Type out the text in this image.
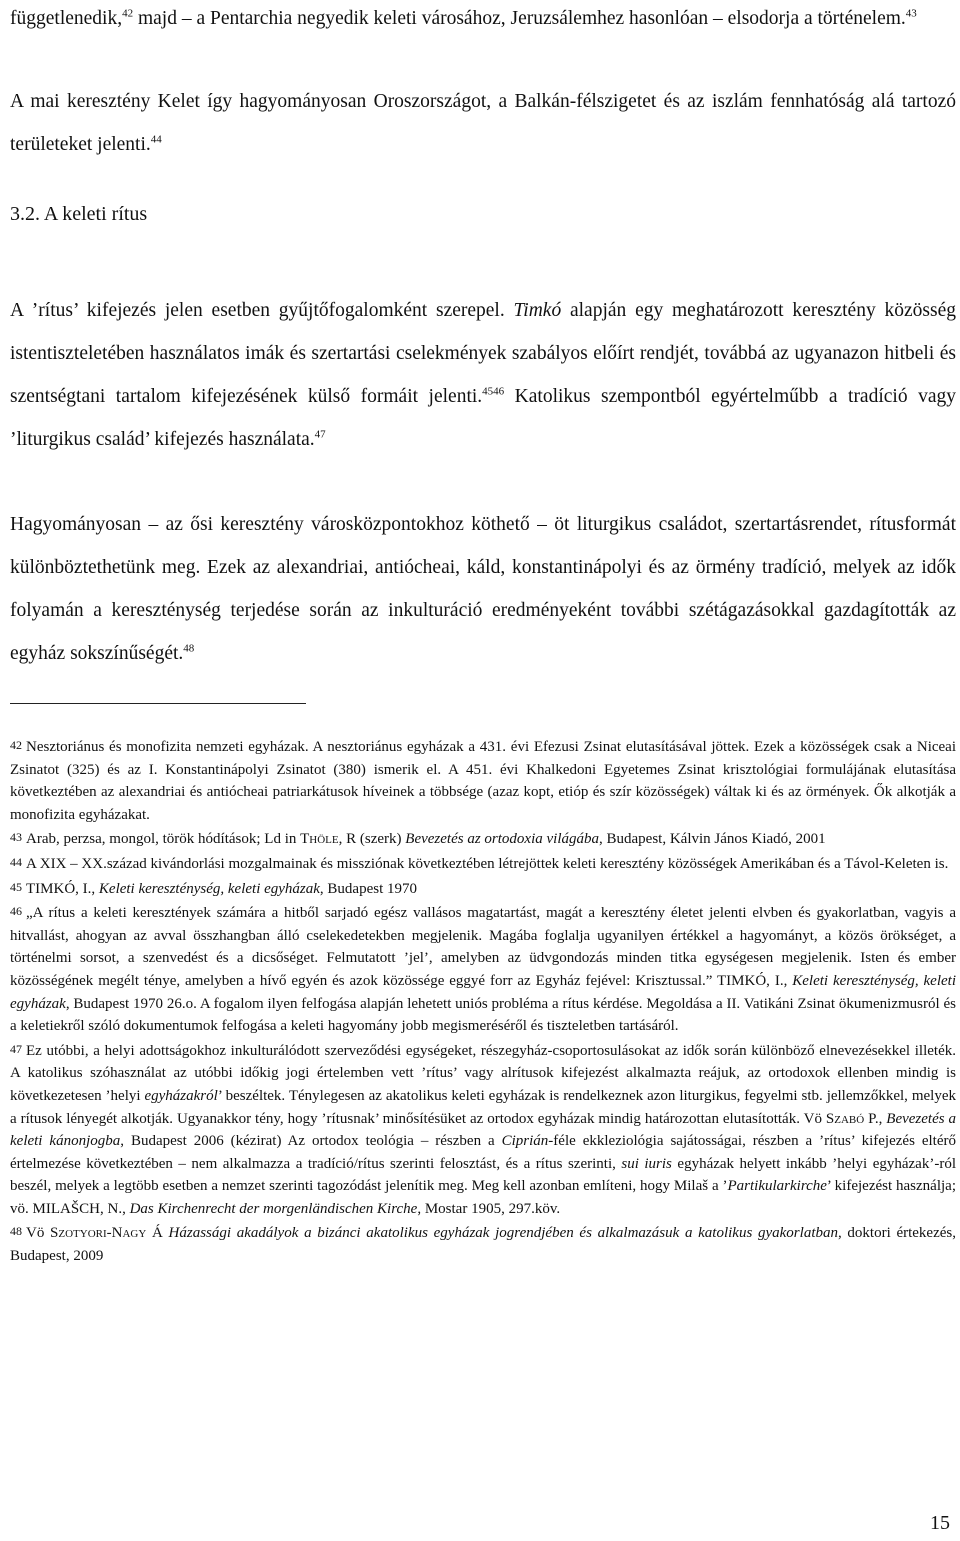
függetlenedik,$^{42}$ majd – a Pentarchia negyedik keleti városához, Jeruzsálemhez hasonlóan – elsodorja a történelem.$^{43}$

A mai keresztény Kelet így hagyományosan Oroszországot, a Balkán-félszigetet és az iszlám fennhatóság alá tartozó területeket jelenti.$^{44}$

3.2. A keleti rítus

A ’rítus’ kifejezés jelen esetben gyűjtőfogalomként szerepel. Timkó alapján egy meghatározott keresztény közösség istentiszteletében használatos imák és szertartási cselekmények szabályos előírt rendjét, továbbá az ugyanazon hitbeli és szentségtani tartalom kifejezésének külső formáit jelenti.$^{4546}$ Katolikus szempontból egyértelműbb a tradíció vagy ’liturgikus család’ kifejezés használata.$^{47}$

Hagyományosan – az ősi keresztény városközpontokhoz köthető – öt liturgikus családot, szertartásrendet, rítusformát különböztethetünk meg. Ezek az alexandriai, antiócheai, káld, konstantinápolyi és az örmény tradíció, melyek az idők folyamán a kereszténység terjedése során az inkulturáció eredményeként további szétágazásokkal gazdagították az egyház sokszínűségét.$^{48}$

42 Nesztoriánus és monofizita nemzeti egyházak. A nesztoriánus egyházak a 431. évi Efezusi Zsinat elutasításával jöttek. Ezek a közösségek csak a Niceai Zsinatot (325) és az I. Konstantinápolyi Zsinatot (380) ismerik el. A 451. évi Khalkedoni Egyetemes Zsinat krisztológiai formulájának elutasítása következtében az alexandriai és antiócheai patriarkátusok híveinek a többsége (azaz kopt, etióp és szír közösségek) váltak ki és az örmények. Ők alkotják a monofizita egyházakat.

43 Arab, perzsa, mongol, török hódítások; Ld in Thöle, R (szerk) Bevezetés az ortodoxia világába, Budapest, Kálvin János Kiadó, 2001

44 A XIX – XX.század kivándorlási mozgalmainak és missziónak következtében létrejöttek keleti keresztény közösségek Amerikában és a Távol-Keleten is.

45 TIMKÓ, I., Keleti kereszténység, keleti egyházak, Budapest 1970

46 „A rítus a keleti keresztények számára a hitből sarjadó egész vallásos magatartást, magát a keresztény életet jelenti elvben és gyakorlatban, vagyis a hitvallást, ahogyan az avval összhangban álló cselekedetekben megjelenik. Magába foglalja ugyanilyen értékkel a hagyományt, a közös örökséget, a történelmi sorsot, a szenvedést és a dicsőséget. Felmutatott ’jel’, amelyben az üdvgondozás minden titka egységesen megjelenik. Isten és ember közösségének megélt ténye, amelyben a hívő egyén és azok közössége eggyé forr az Egyház fejével: Krisztussal.” TIMKÓ, I., Keleti kereszténység, keleti egyházak, Budapest 1970 26.o. A fogalom ilyen felfogása alapján lehetett uniós probléma a rítus kérdése. Megoldása a II. Vatikáni Zsinat ökumenizmusról és a keletiekről szóló dokumentumok felfogása a keleti hagyomány jobb megismeréséről és tiszteletben tartásáról.

47 Ez utóbbi, a helyi adottságokhoz inkulturálódott szerveződési egységeket, részegyház-csoportosulásokat az idők során különböző elnevezésekkel illeték. A katolikus szóhasználat az utóbbi időkig jogi értelemben vett ’rítus’ vagy alrítusok kifejezést alkalmazta reájuk, az ortodoxok ellenben mindig is következetesen ’helyi egyházakról’ beszéltek. Ténylegesen az akatolikus keleti egyházak is rendelkeznek azon liturgikus, fegyelmi stb. jellemzőkkel, melyek a rítusok lényegét alkotják. Ugyanakkor tény, hogy ’rítusnak’ minősítésüket az ortodox egyházak mindig határozottan elutasították. Vö Szabó P., Bevezetés a keleti kánonjogba, Budapest 2006 (kézirat) Az ortodox teológia – részben a Ciprián-féle ekkleziológia sajátosságai, részben a ’rítus’ kifejezés eltérő értelmezése következtében – nem alkalmazza a tradíció/rítus szerinti felosztást, és a rítus szerinti, sui iuris egyházak helyett inkább ’helyi egyházak’-ról beszél, melyek a legtöbb esetben a nemzet szerinti tagozódást jelenítik meg. Meg kell azonban említeni, hogy Milaš a ’Partikularkirche’ kifejezést használja; vö. MILAŠCH, N., Das Kirchenrecht der morgenländischen Kirche, Mostar 1905, 297.köv.

48 Vö Szotyori-Nagy Á Házassági akadályok a bizánci akatolikus egyházak jogrendjében és alkalmazásuk a katolikus gyakorlatban, doktori értekezés, Budapest, 2009

15
